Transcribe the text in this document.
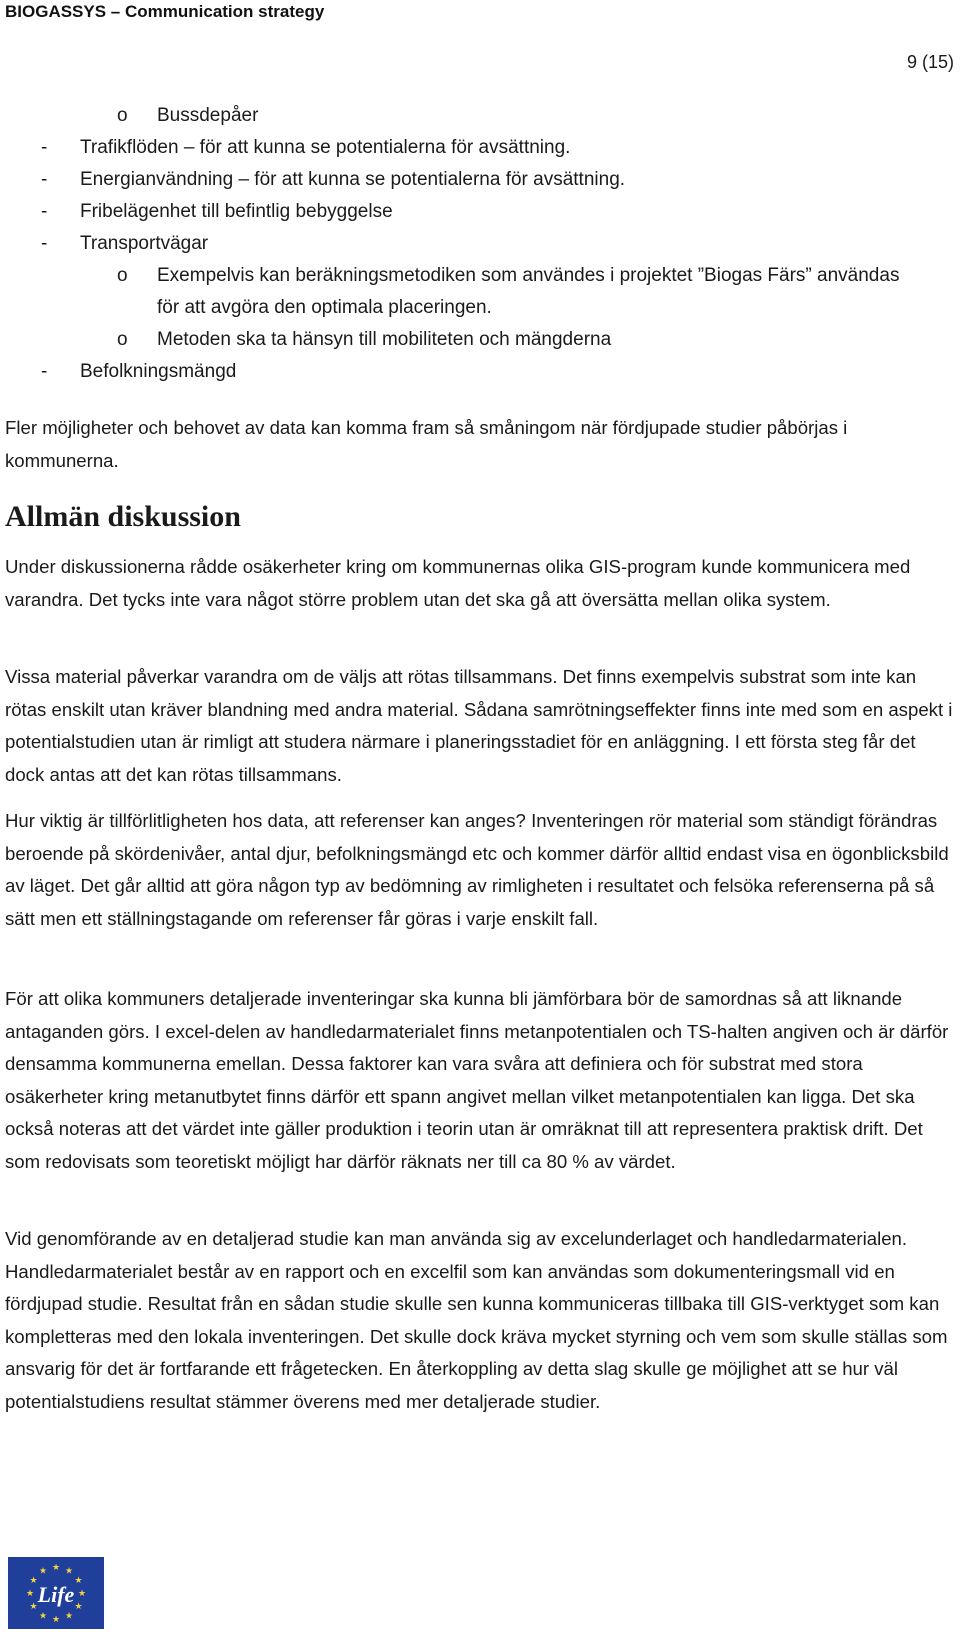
BIOGASSYS – Communication strategy
9 (15)
o	Bussdepåer
-	Trafikflöden – för att kunna se potentialerna för avsättning.
-	Energianvändning – för att kunna se potentialerna för avsättning.
-	Fribelägenhet till befintlig bebyggelse
-	Transportvägar
o	Exempelvis kan beräkningsmetodiken som användes i projektet ”Biogas Färs” användas för att avgöra den optimala placeringen.
o	Metoden ska ta hänsyn till mobiliteten och mängderna
-	Befolkningsmängd
Fler möjligheter och behovet av data kan komma fram så småningom när fördjupade studier påbörjas i kommunerna.
Allmän diskussion
Under diskussionerna rådde osäkerheter kring om kommunernas olika GIS-program kunde kommunicera med varandra. Det tycks inte vara något större problem utan det ska gå att översätta mellan olika system.
Vissa material påverkar varandra om de väljs att rötas tillsammans. Det finns exempelvis substrat som inte kan rötas enskilt utan kräver blandning med andra material. Sådana samrötningseffekter finns inte med som en aspekt i potentialstudien utan är rimligt att studera närmare i planeringsstadiet för en anläggning. I ett första steg får det dock antas att det kan rötas tillsammans.
Hur viktig är tillförlitligheten hos data, att referenser kan anges? Inventeringen rör material som ständigt förändras beroende på skördenivåer, antal djur, befolkningsmängd etc och kommer därför alltid endast visa en ögonblicksbild av läget. Det går alltid att göra någon typ av bedömning av rimligheten i resultatet och felsöka referenserna på så sätt men ett ställningstagande om referenser får göras i varje enskilt fall.
För att olika kommuners detaljerade inventeringar ska kunna bli jämförbara bör de samordnas så att liknande antaganden görs. I excel-delen av handledarmaterialet finns metanpotentialen och TS-halten angiven och är därför densamma kommunerna emellan. Dessa faktorer kan vara svåra att definiera och för substrat med stora osäkerheter kring metanutbytet finns därför ett spann angivet mellan vilket metanpotentialen kan ligga. Det ska också noteras att det värdet inte gäller produktion i teorin utan är omräknat till att representera praktisk drift. Det som redovisats som teoretiskt möjligt har därför räknats ner till ca 80 % av värdet.
Vid genomförande av en detaljerad studie kan man använda sig av excelunderlaget och handledarmaterialen. Handledarmaterialet består av en rapport och en excelfil som kan användas som dokumenteringsmall vid en fördjupad studie. Resultat från en sådan studie skulle sen kunna kommuniceras tillbaka till GIS-verktyget som kan kompletteras med den lokala inventeringen. Det skulle dock kräva mycket styrning och vem som skulle ställas som ansvarig för det är fortfarande ett frågetecken. En återkoppling av detta slag skulle ge möjlighet att se hur väl potentialstudiens resultat stämmer överens med mer detaljerade studier.
★ ★
★
★
★
★
★
★
★
★
★
★
Life
